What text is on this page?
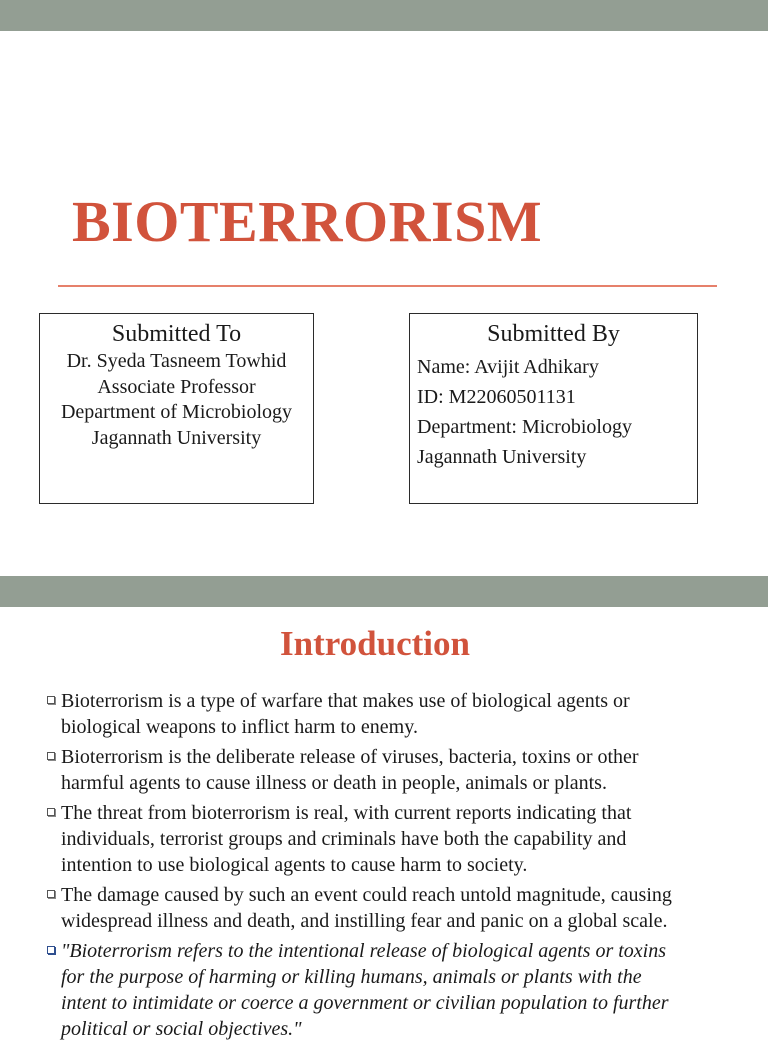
BIOTERRORISM
Submitted To
Dr. Syeda Tasneem Towhid
Associate Professor
Department of Microbiology
Jagannath University
Submitted By
Name: Avijit Adhikary
ID: M22060501131
Department: Microbiology
Jagannath University
Introduction
Bioterrorism is a type of warfare that makes use of biological agents or
biological weapons to inflict harm to enemy.
Bioterrorism is the deliberate release of viruses, bacteria, toxins or other
harmful agents to cause illness or death in people, animals or plants.
The threat from bioterrorism is real, with current reports indicating that
individuals, terrorist groups and criminals have both the capability and
intention to use biological agents to cause harm to society.
The damage caused by such an event could reach untold magnitude, causing
widespread illness and death, and instilling fear and panic on a global scale.
"Bioterrorism refers to the intentional release of biological agents or toxins
for the purpose of harming or killing humans, animals or plants with the
intent to intimidate or coerce a government or civilian population to further
political or social objectives."
